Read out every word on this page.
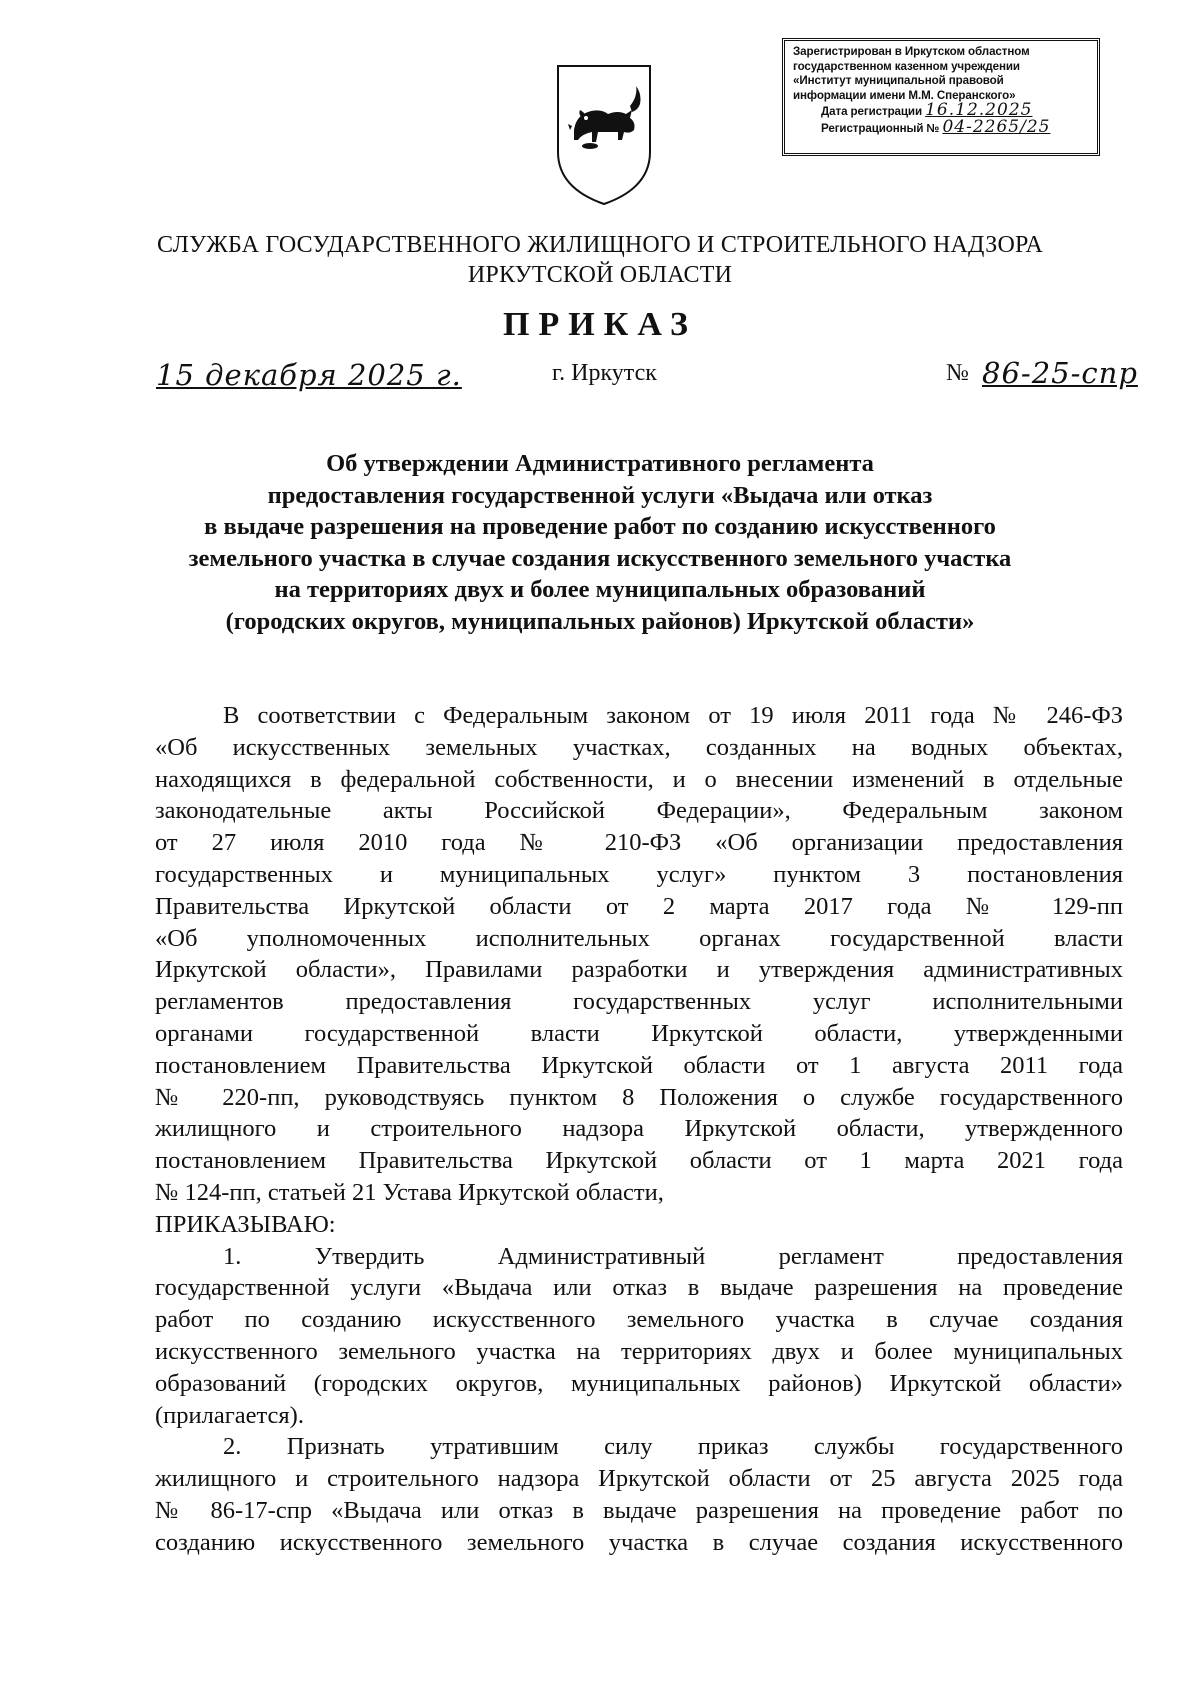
Зарегистрирован в Иркутском областном
государственном казенном учреждении
«Институт муниципальной правовой
информации имени М.М. Сперанского»
Дата регистрации 16.12.2025
Регистрационный № 04-2265/25
СЛУЖБА ГОСУДАРСТВЕННОГО ЖИЛИЩНОГО И СТРОИТЕЛЬНОГО НАДЗОРА
ИРКУТСКОЙ ОБЛАСТИ
ПРИКАЗ
15 декабря 2025 г.	г. Иркутск	№ 86-25-спр
Об утверждении Административного регламента
предоставления государственной услуги «Выдача или отказ
в выдаче разрешения на проведение работ по созданию искусственного
земельного участка в случае создания искусственного земельного участка
на территориях двух и более муниципальных образований
(городских округов, муниципальных районов) Иркутской области»
В соответствии с Федеральным законом от 19 июля 2011 года № 246-ФЗ
«Об искусственных земельных участках, созданных на водных объектах,
находящихся в федеральной собственности, и о внесении изменений в отдельные
законодательные акты Российской Федерации», Федеральным законом
от 27 июля 2010 года № 210-ФЗ «Об организации предоставления
государственных и муниципальных услуг» пунктом 3 постановления
Правительства Иркутской области от 2 марта 2017 года № 129-пп
«Об уполномоченных исполнительных органах государственной власти
Иркутской области», Правилами разработки и утверждения административных
регламентов предоставления государственных услуг исполнительными
органами государственной власти Иркутской области, утвержденными
постановлением Правительства Иркутской области от 1 августа 2011 года
№ 220-пп, руководствуясь пунктом 8 Положения о службе государственного
жилищного и строительного надзора Иркутской области, утвержденного
постановлением Правительства Иркутской области от 1 марта 2021 года
№ 124-пп, статьей 21 Устава Иркутской области,
ПРИКАЗЫВАЮ:
1. Утвердить Административный регламент предоставления
государственной услуги «Выдача или отказ в выдаче разрешения на проведение
работ по созданию искусственного земельного участка в случае создания
искусственного земельного участка на территориях двух и более муниципальных
образований (городских округов, муниципальных районов) Иркутской области»
(прилагается).
2. Признать утратившим силу приказ службы государственного
жилищного и строительного надзора Иркутской области от 25 августа 2025 года
№ 86-17-спр «Выдача или отказ в выдаче разрешения на проведение работ по
созданию искусственного земельного участка в случае создания искусственного
